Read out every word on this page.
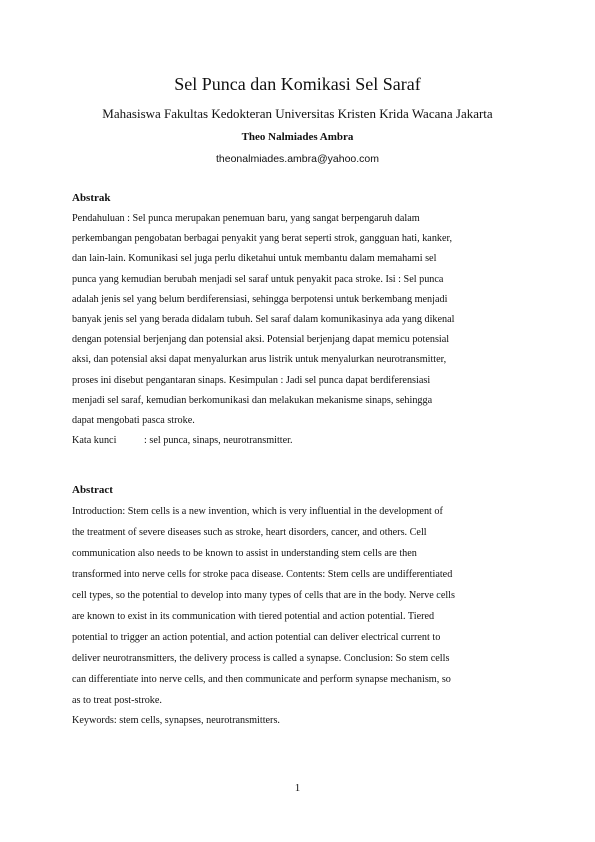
Sel Punca dan Komikasi Sel Saraf
Mahasiswa Fakultas Kedokteran Universitas Kristen Krida Wacana Jakarta
Theo Nalmiades Ambra
theonalmiades.ambra@yahoo.com

Abstrak

Pendahuluan : Sel punca merupakan penemuan baru, yang sangat berpengaruh dalam
perkembangan pengobatan berbagai penyakit yang berat seperti strok, gangguan hati, kanker,
dan lain-lain. Komunikasi sel juga perlu diketahui untuk membantu dalam memahami sel
punca yang kemudian berubah menjadi sel saraf untuk penyakit paca stroke. Isi : Sel punca
adalah jenis sel yang belum berdiferensiasi, sehingga berpotensi untuk berkembang menjadi
banyak jenis sel yang berada didalam tubuh. Sel saraf dalam komunikasinya ada yang dikenal
dengan potensial berjenjang dan potensial aksi. Potensial berjenjang dapat memicu potensial
aksi, dan potensial aksi dapat menyalurkan arus listrik untuk menyalurkan neurotransmitter,
proses ini disebut pengantaran sinaps. Kesimpulan : Jadi sel punca dapat berdiferensiasi
menjadi sel saraf, kemudian berkomunikasi dan melakukan mekanisme sinaps, sehingga
dapat mengobati pasca stroke.

Kata kunci	: sel punca, sinaps, neurotransmitter.

Abstract

Introduction: Stem cells is a new invention, which is very influential in the development of
the treatment of severe diseases such as stroke, heart disorders, cancer, and others. Cell
communication also needs to be known to assist in understanding stem cells are then
transformed into nerve cells for stroke paca disease. Contents: Stem cells are undifferentiated
cell types, so the potential to develop into many types of cells that are in the body. Nerve cells
are known to exist in its communication with tiered potential and action potential. Tiered
potential to trigger an action potential, and action potential can deliver electrical current to
deliver neurotransmitters, the delivery process is called a synapse. Conclusion: So stem cells
can differentiate into nerve cells, and then communicate and perform synapse mechanism, so
as to treat post-stroke.

Keywords: stem cells, synapses, neurotransmitters.

1
